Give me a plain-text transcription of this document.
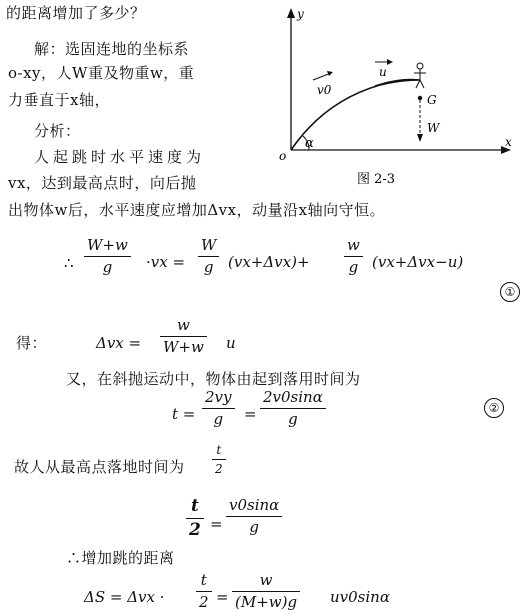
的距离增加了多少？
解：选固连地的坐标系
o-xy，人W重及物重w，重
力垂直于x轴，
分析：
人起跳时水平速度为
vx，达到最高点时，向后抛
出物体w后，水平速度应增加Δvx，动量沿x轴向守恒。
y
x
o
α
v0
u
G
W
图 2-3
∴
W+w
g ·vx =
W
g (vx+Δvx)+
w
g (vx+Δvx−u)
①
得：	Δvx =
w
W+w u
又，在斜抛运动中，物体由起到落用时间为
t =
2vy
g =
2v0sinα
g
②
故人从最高点落地时间为
t
2
t
2 =
v0sinα
g
∴增加跳的距离
ΔS = Δvx ·
t
2 =
w
(M+w)g uv0sinα
